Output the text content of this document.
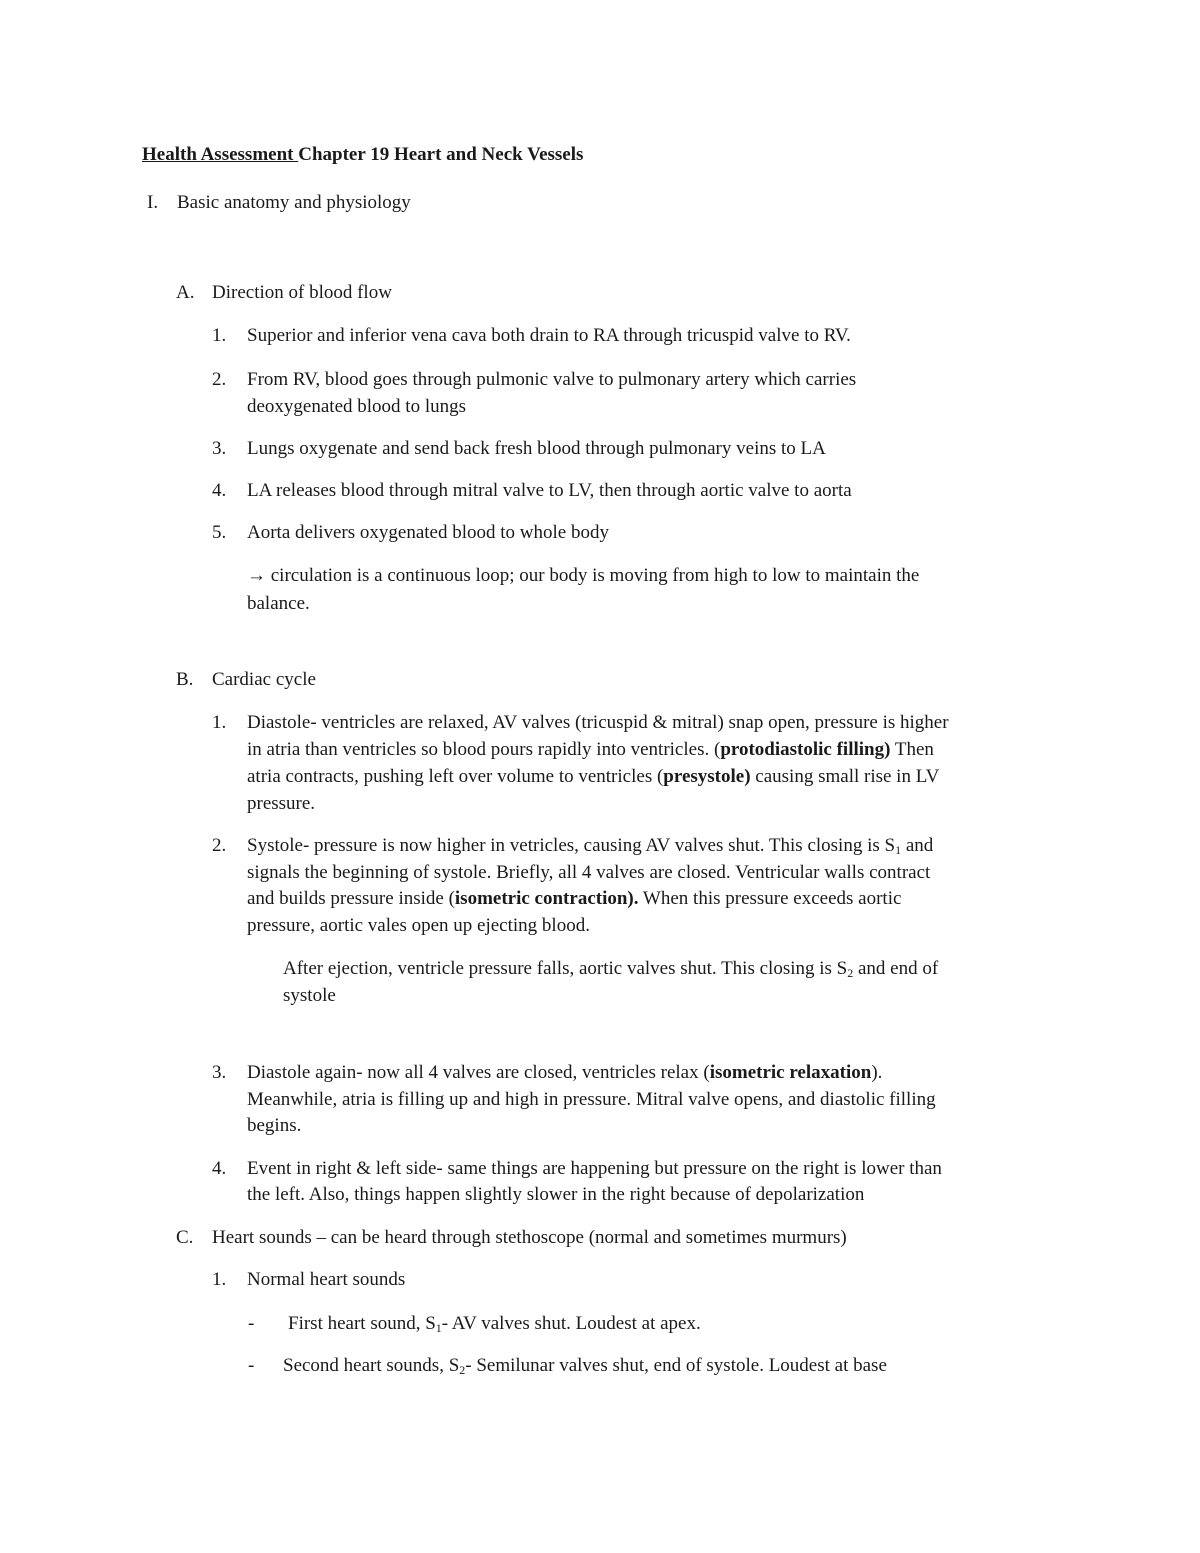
Health Assessment Chapter 19 Heart and Neck Vessels
I. Basic anatomy and physiology
A. Direction of blood flow
1. Superior and inferior vena cava both drain to RA through tricuspid valve to RV.
2. From RV, blood goes through pulmonic valve to pulmonary artery which carries
deoxygenated blood to lungs
3. Lungs oxygenate and send back fresh blood through pulmonary veins to LA
4. LA releases blood through mitral valve to LV, then through aortic valve to aorta
5. Aorta delivers oxygenated blood to whole body
→ circulation is a continuous loop; our body is moving from high to low to maintain the
balance.
B. Cardiac cycle
1. Diastole- ventricles are relaxed, AV valves (tricuspid & mitral) snap open, pressure is higher
in atria than ventricles so blood pours rapidly into ventricles. (protodiastolic filling) Then
atria contracts, pushing left over volume to ventricles (presystole) causing small rise in LV
pressure.
2. Systole- pressure is now higher in vetricles, causing AV valves shut. This closing is $S_1$ and
signals the beginning of systole. Briefly, all 4 valves are closed. Ventricular walls contract
and builds pressure inside (isometric contraction). When this pressure exceeds aortic
pressure, aortic vales open up ejecting blood.
After ejection, ventricle pressure falls, aortic valves shut. This closing is $S_2$ and end of
systole
3. Diastole again- now all 4 valves are closed, ventricles relax (isometric relaxation).
Meanwhile, atria is filling up and high in pressure. Mitral valve opens, and diastolic filling
begins.
4. Event in right & left side- same things are happening but pressure on the right is lower than
the left. Also, things happen slightly slower in the right because of depolarization
C. Heart sounds – can be heard through stethoscope (normal and sometimes murmurs)
1. Normal heart sounds
- First heart sound, $S_1-$ AV valves shut. Loudest at apex.
- Second heart sounds, $S_2-$ Semilunar valves shut, end of systole. Loudest at base
